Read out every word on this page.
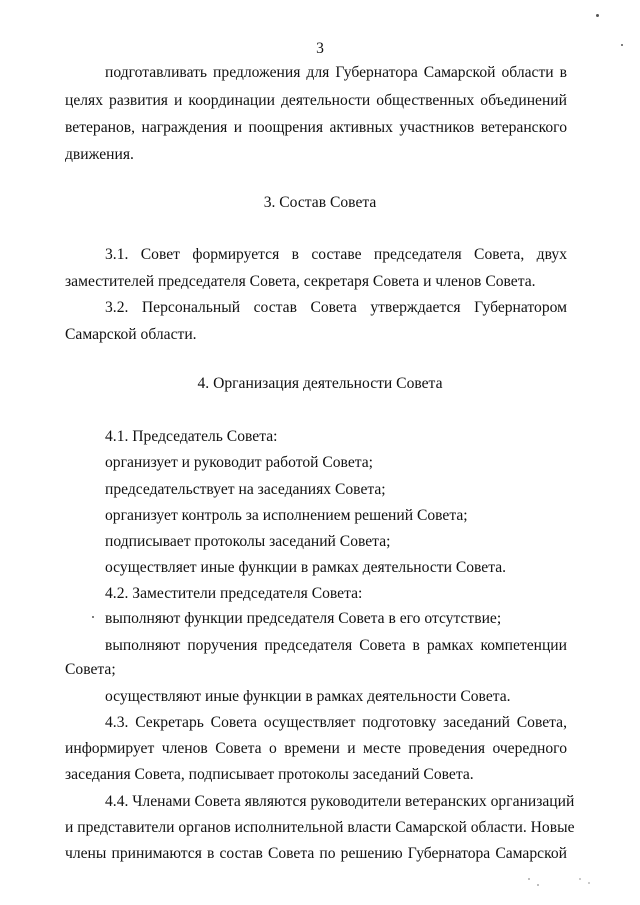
3
подготавливать предложения для Губернатора Самарской области в
целях развития и координации деятельности общественных объединений
ветеранов, награждения и поощрения активных участников ветеранского
движения.
3. Состав Совета
3.1. Совет формируется в составе председателя Совета, двух
заместителей председателя Совета, секретаря Совета и членов Совета.
3.2. Персональный состав Совета утверждается Губернатором
Самарской области.
4. Организация деятельности Совета
4.1. Председатель Совета:
организует и руководит работой Совета;
председательствует на заседаниях Совета;
организует контроль за исполнением решений Совета;
подписывает протоколы заседаний Совета;
осуществляет иные функции в рамках деятельности Совета.
4.2. Заместители председателя Совета:
выполняют функции председателя Совета в его отсутствие;
выполняют поручения председателя Совета в рамках компетенции
Совета;
осуществляют иные функции в рамках деятельности Совета.
4.3. Секретарь Совета осуществляет подготовку заседаний Совета,
информирует членов Совета о времени и месте проведения очередного
заседания Совета, подписывает протоколы заседаний Совета.
4.4. Членами Совета являются руководители ветеранских организаций
и представители органов исполнительной власти Самарской области. Новые
члены принимаются в состав Совета по решению Губернатора Самарской
